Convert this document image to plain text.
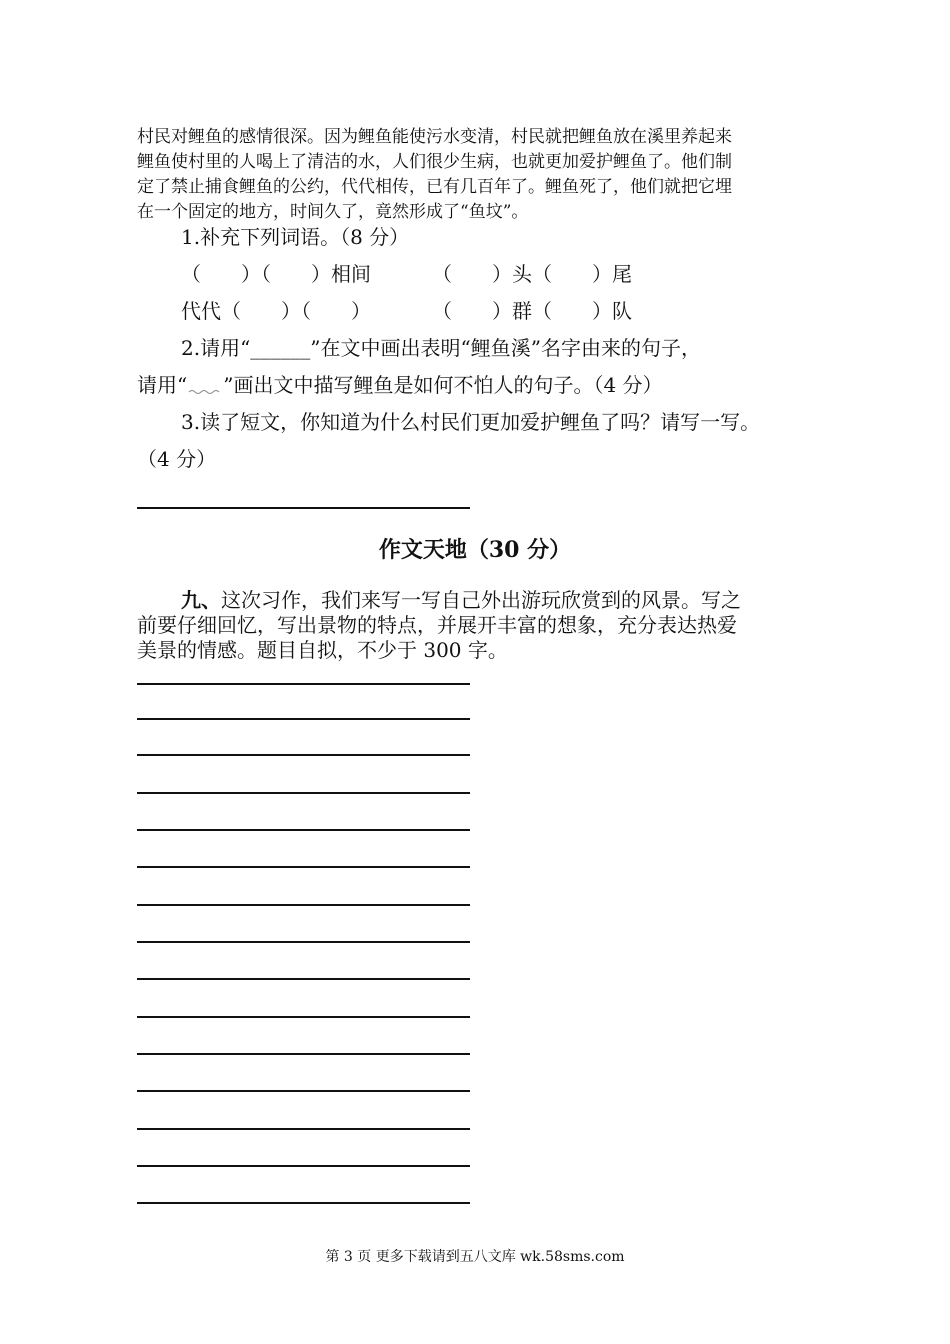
村民对鲤鱼的感情很深。因为鲤鱼能使污水变清，村民就把鲤鱼放在溪里养起来
鲤鱼使村里的人喝上了清洁的水，人们很少生病，也就更加爱护鲤鱼了。他们制
定了禁止捕食鲤鱼的公约，代代相传，已有几百年了。鲤鱼死了，他们就把它埋
在一个固定的地方，时间久了，竟然形成了“鱼坟”。
1.补充下列词语。（8 分）
（　　）（　　）相间	（　　）头（　　）尾
代代（　　）（　　）	（　　）群（　　）队
2.请用“______”在文中画出表明“鲤鱼溪”名字由来的句子，
请用“ ”画出文中描写鲤鱼是如何不怕人的句子。（4 分）
3.读了短文，你知道为什么村民们更加爱护鲤鱼了吗？请写一写。
（4 分）
作文天地（30 分）
九、这次习作，我们来写一写自己外出游玩欣赏到的风景。写之
前要仔细回忆，写出景物的特点，并展开丰富的想象，充分表达热爱
美景的情感。题目自拟，不少于 300 字。
第 3 页 更多下载请到五八文库 wk.58sms.com
